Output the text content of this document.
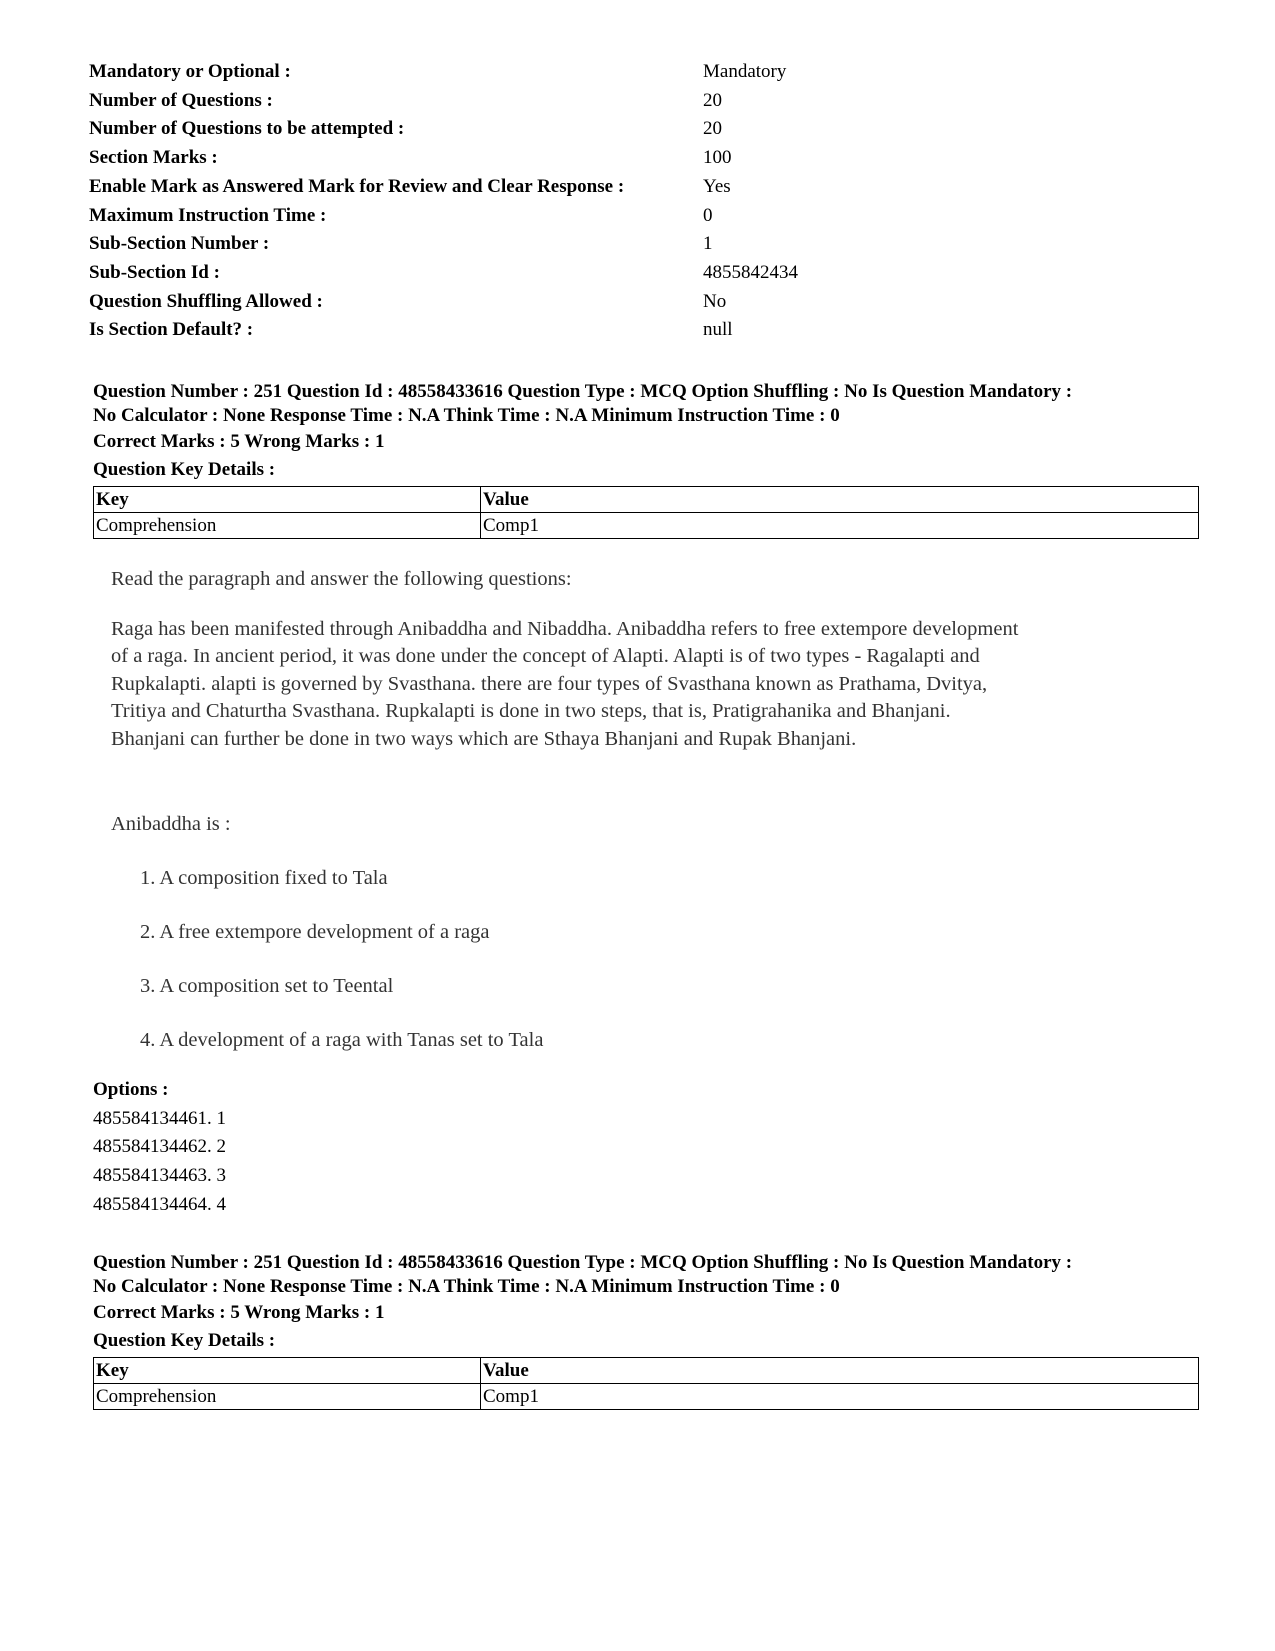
Mandatory or Optional :	Mandatory
Number of Questions :	20
Number of Questions to be attempted :	20
Section Marks :	100
Enable Mark as Answered Mark for Review and Clear Response :	Yes
Maximum Instruction Time :	0
Sub-Section Number :	1
Sub-Section Id :	4855842434
Question Shuffling Allowed :	No
Is Section Default? :	null
Question Number : 251 Question Id : 48558433616 Question Type : MCQ Option Shuffling : No Is Question Mandatory :
No Calculator : None Response Time : N.A Think Time : N.A Minimum Instruction Time : 0
Correct Marks : 5 Wrong Marks : 1
Question Key Details :
Key	Value
Comprehension	Comp1

Read the paragraph and answer the following questions:

Raga has been manifested through Anibaddha and Nibaddha. Anibaddha refers to free extempore development

of a raga. In ancient period, it was done under the concept of Alapti. Alapti is of two types - Ragalapti and

Rupkalapti. alapti is governed by Svasthana. there are four types of Svasthana known as Prathama, Dvitya,

Tritiya and Chaturtha Svasthana. Rupkalapti is done in two steps, that is, Pratigrahanika and Bhanjani.

Bhanjani can further be done in two ways which are Sthaya Bhanjani and Rupak Bhanjani.

Anibaddha is :
1. A composition fixed to Tala
2. A free extempore development of a raga
3. A composition set to Teental
4. A development of a raga with Tanas set to Tala
Options :
485584134461. 1
485584134462. 2
485584134463. 3
485584134464. 4
Question Number : 251 Question Id : 48558433616 Question Type : MCQ Option Shuffling : No Is Question Mandatory :
No Calculator : None Response Time : N.A Think Time : N.A Minimum Instruction Time : 0
Correct Marks : 5 Wrong Marks : 1
Question Key Details :
Key	Value
Comprehension	Comp1
